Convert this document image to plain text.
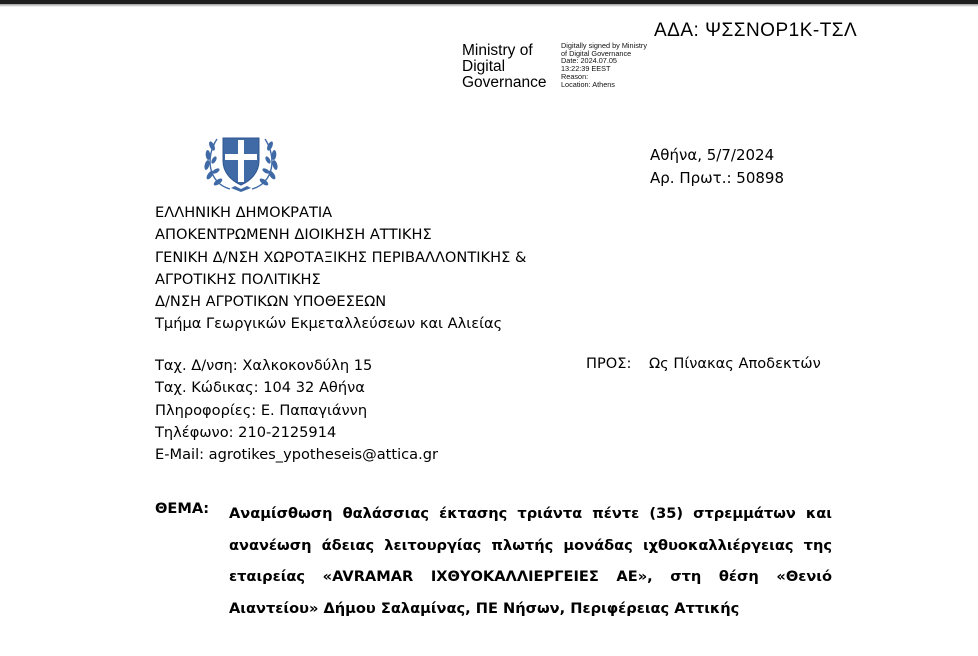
ΑΔΑ: ΨΣΣΝΟΡ1Κ-ΤΣΛ
Ministry of
Digital
Governance
Digitally signed by Ministry
of Digital Governance
Date: 2024.07.05
13:22:39 EEST
Reason:
Location: Athens
Αθήνα, 5/7/2024
Αρ. Πρωτ.: 50898
ΕΛΛΗΝΙΚΗ ΔΗΜΟΚΡΑΤΙΑ
ΑΠΟΚΕΝΤΡΩΜΕΝΗ ΔΙΟΙΚΗΣΗ ΑΤΤΙΚΗΣ
ΓΕΝΙΚΗ Δ/ΝΣΗ ΧΩΡΟΤΑΞΙΚΗΣ ΠΕΡΙΒΑΛΛΟΝΤΙΚΗΣ &
ΑΓΡΟΤΙΚΗΣ ΠΟΛΙΤΙΚΗΣ
Δ/ΝΣΗ ΑΓΡΟΤΙΚΩΝ ΥΠΟΘΕΣΕΩΝ
Τμήμα Γεωργικών Εκμεταλλεύσεων και Αλιείας
Ταχ. Δ/νση: Χαλκοκονδύλη 15
Ταχ. Κώδικας: 104 32 Αθήνα
Πληροφορίες: Ε. Παπαγιάννη
Τηλέφωνο: 210-2125914
E-Mail: agrotikes_ypotheseis@attica.gr
ΠΡΟΣ: Ως Πίνακας Αποδεκτών
ΘΕΜΑ: Αναμίσθωση θαλάσσιας έκτασης τριάντα πέντε (35) στρεμμάτων και ανανέωση άδειας λειτουργίας πλωτής μονάδας ιχθυοκαλλιέργειας της εταιρείας «AVRAMAR ΙΧΘΥΟΚΑΛΛΙΕΡΓΕΙΕΣ ΑΕ», στη θέση «Θενιό Αιαντείου» Δήμου Σαλαμίνας, ΠΕ Νήσων, Περιφέρειας Αττικής
